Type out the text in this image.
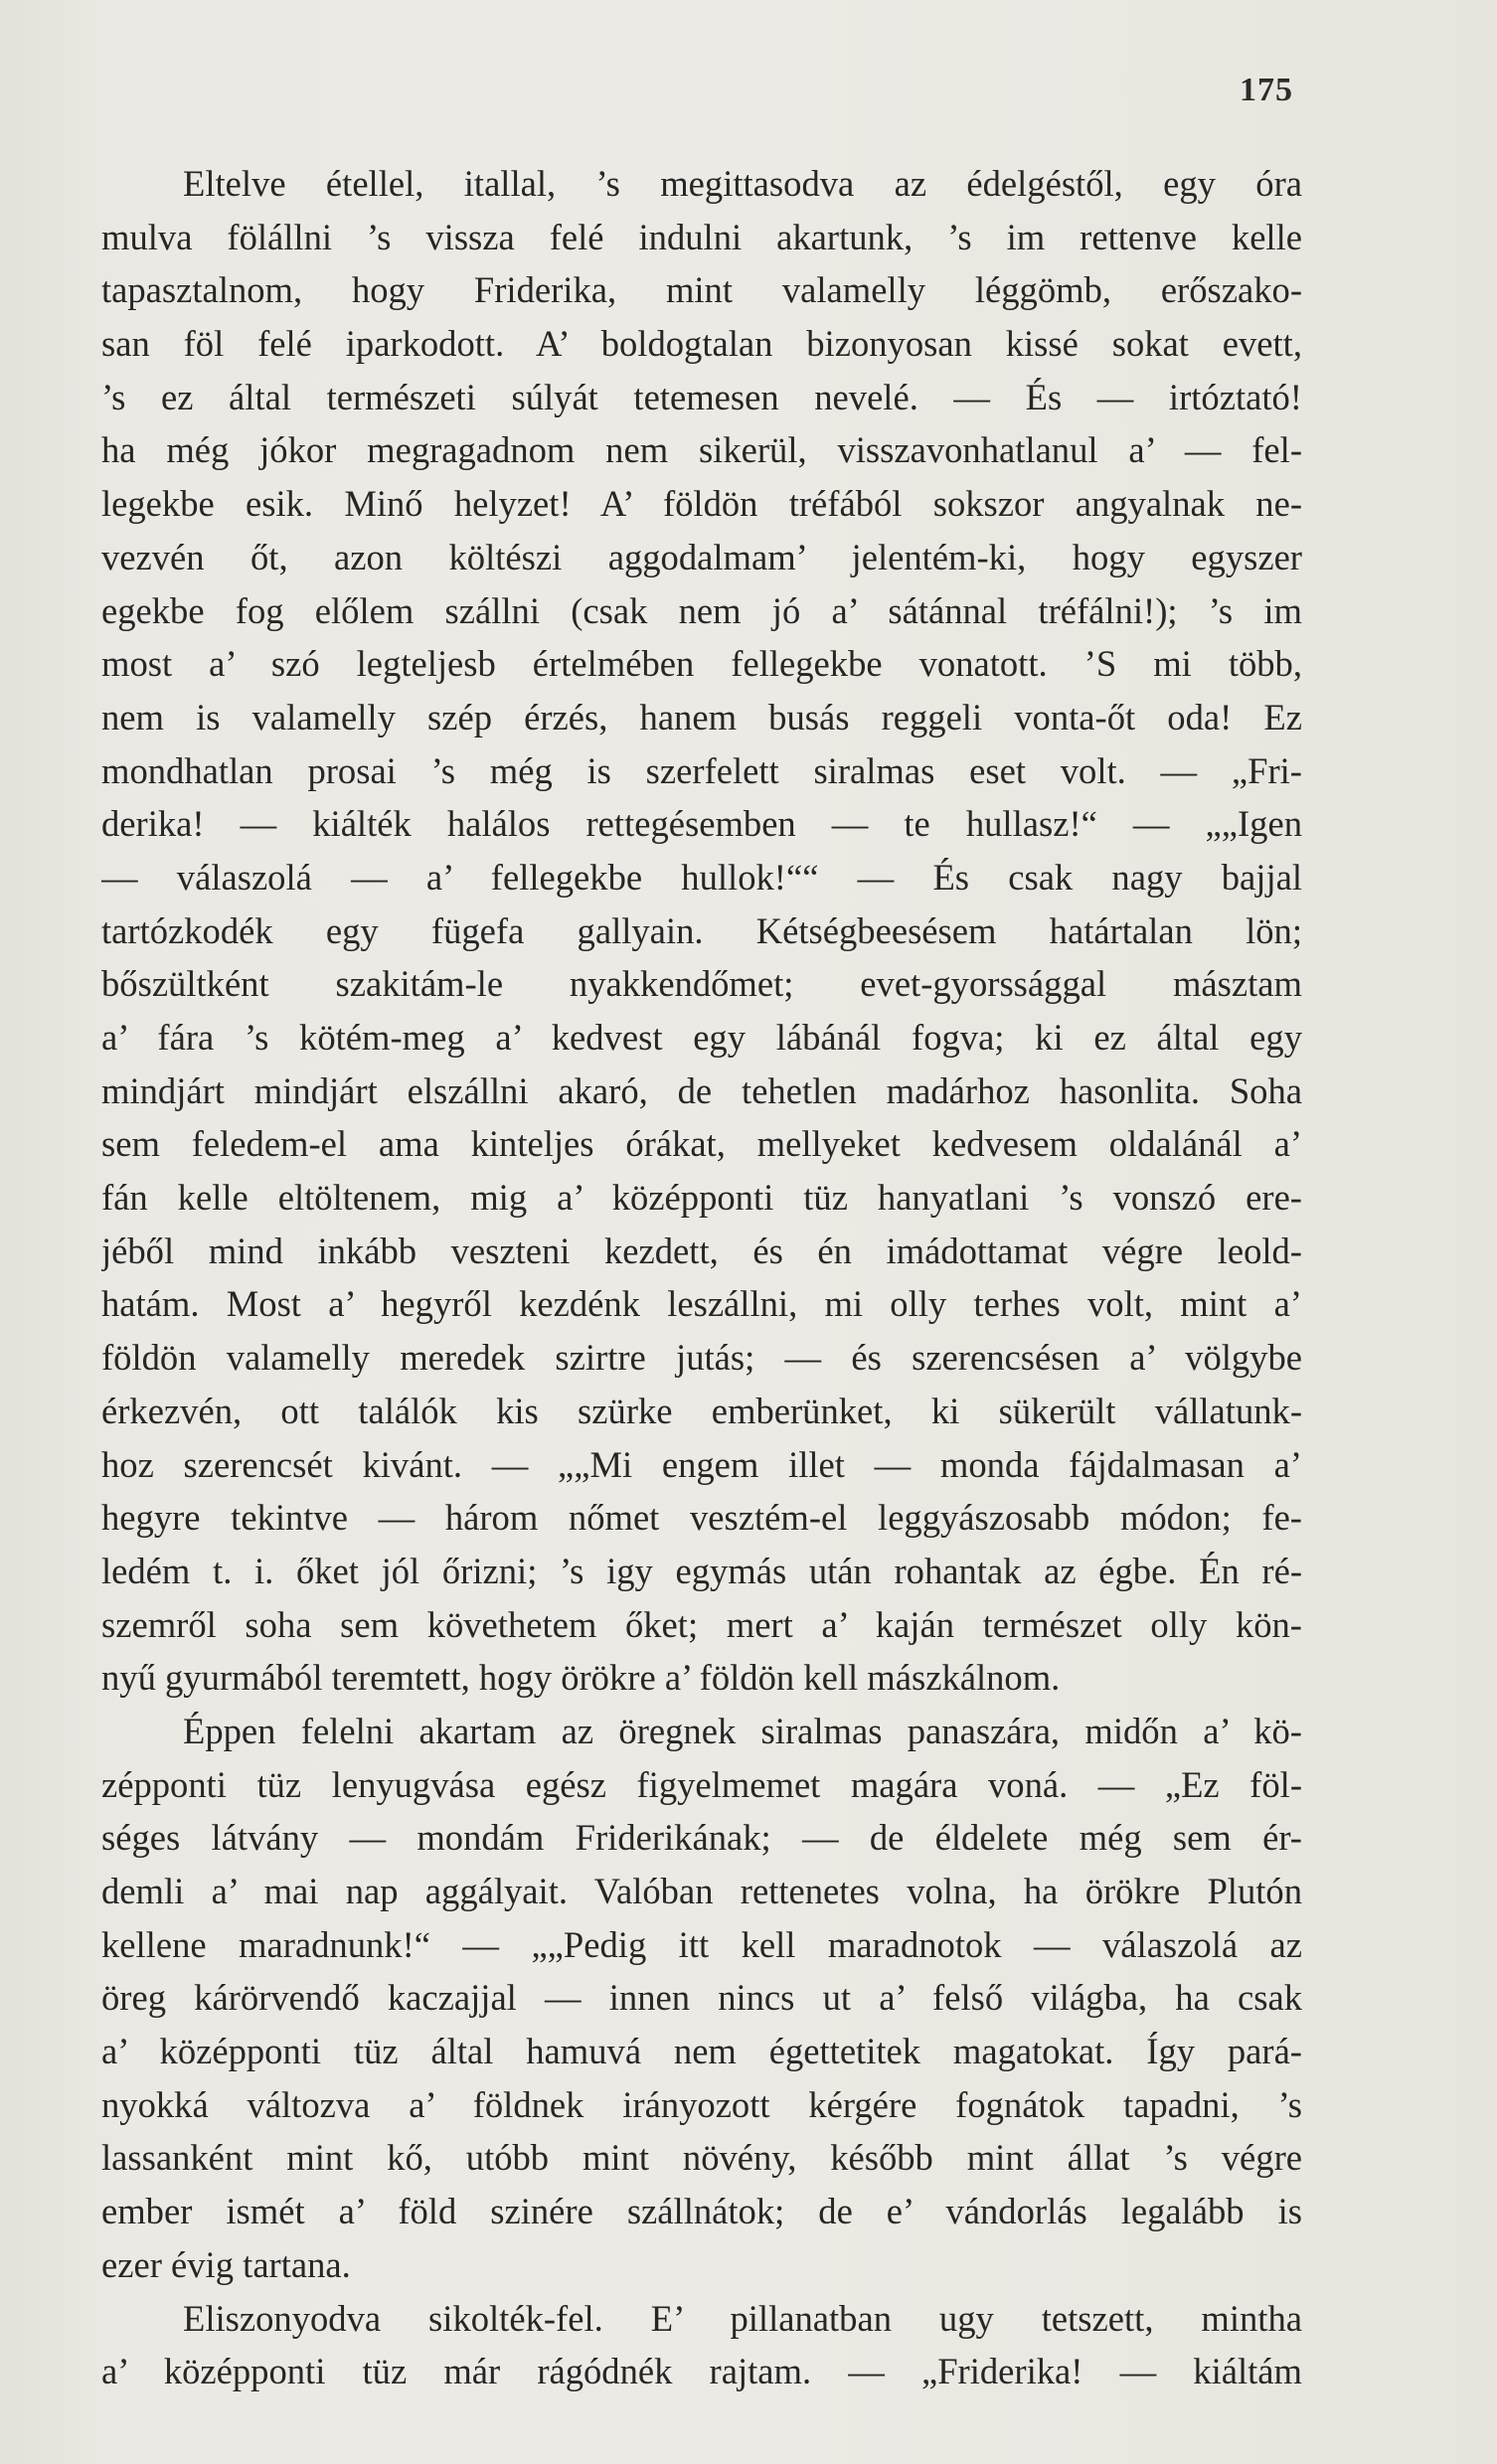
175
Eltelve étellel, itallal, ’s megittasodva az édelgéstől, egy óra
mulva fölállni ’s vissza felé indulni akartunk, ’s im rettenve kelle
tapasztalnom, hogy Friderika, mint valamelly léggömb, erőszako-
san föl felé iparkodott. A’ boldogtalan bizonyosan kissé sokat evett,
’s ez által természeti súlyát tetemesen nevelé. — És — irtóztató!
ha még jókor megragadnom nem sikerül, visszavonhatlanul a’ — fel-
legekbe esik. Minő helyzet! A’ földön tréfából sokszor angyalnak ne-
vezvén őt, azon költészi aggodalmam’ jelentém-ki, hogy egyszer
egekbe fog előlem szállni (csak nem jó a’ sátánnal tréfálni!); ’s im
most a’ szó legteljesb értelmében fellegekbe vonatott. ’S mi több,
nem is valamelly szép érzés, hanem busás reggeli vonta-őt oda! Ez
mondhatlan prosai ’s még is szerfelett siralmas eset volt. — „Fri-
derika! — kiálték halálos rettegésemben — te hullasz!“ — „„Igen
— válaszolá — a’ fellegekbe hullok!““ — És csak nagy bajjal
tartózkodék egy fügefa gallyain. Kétségbeesésem határtalan lön;
bőszültként szakitám-le nyakkendőmet; evet-gyorssággal másztam
a’ fára ’s kötém-meg a’ kedvest egy lábánál fogva; ki ez által egy
mindjárt mindjárt elszállni akaró, de tehetlen madárhoz hasonlita. Soha
sem feledem-el ama kinteljes órákat, mellyeket kedvesem oldalánál a’
fán kelle eltöltenem, mig a’ középponti tüz hanyatlani ’s vonszó ere-
jéből mind inkább veszteni kezdett, és én imádottamat végre leold-
hatám. Most a’ hegyről kezdénk leszállni, mi olly terhes volt, mint a’
földön valamelly meredek szirtre jutás; — és szerencsésen a’ völgybe
érkezvén, ott találók kis szürke emberünket, ki sükerült vállatunk-
hoz szerencsét kivánt. — „„Mi engem illet — monda fájdalmasan a’
hegyre tekintve — három nőmet vesztém-el leggyászosabb módon; fe-
ledém t. i. őket jól őrizni; ’s igy egymás után rohantak az égbe. Én ré-
szemről soha sem követhetem őket; mert a’ kaján természet olly kön-
nyű gyurmából teremtett, hogy örökre a’ földön kell mászkálnom.
Éppen felelni akartam az öregnek siralmas panaszára, midőn a’ kö-
zépponti tüz lenyugvása egész figyelmemet magára voná. — „Ez föl-
séges látvány — mondám Friderikának; — de éldelete még sem ér-
demli a’ mai nap aggályait. Valóban rettenetes volna, ha örökre Plutón
kellene maradnunk!“ — „„Pedig itt kell maradnotok — válaszolá az
öreg kárörvendő kaczajjal — innen nincs ut a’ felső világba, ha csak
a’ középponti tüz által hamuvá nem égettetitek magatokat. Így pará-
nyokká változva a’ földnek irányozott kérgére fognátok tapadni, ’s
lassanként mint kő, utóbb mint növény, később mint állat ’s végre
ember ismét a’ föld szinére szállnátok; de e’ vándorlás legalább is
ezer évig tartana.
Eliszonyodva sikolték-fel. E’ pillanatban ugy tetszett, mintha
a’ középponti tüz már rágódnék rajtam. — „Friderika! — kiáltám
